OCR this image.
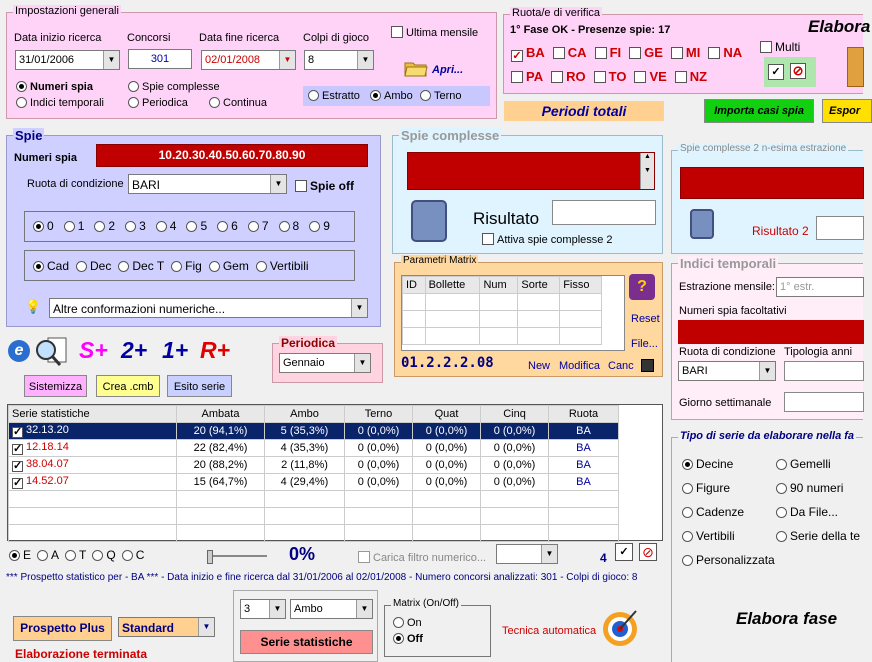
Impostazioni generali
Data inizio ricerca
31/01/2006	▼
Concorsi
301
Data fine ricerca
02/01/2008	▼
Colpi di gioco
8	▼
Ultima mensile
Apri...
Numeri spia	Spie complesse
Indici temporali	Periodica	Continua
Estratto	Ambo	Terno
Ruota/e di verifica
1° Fase OK - Presenze spie: 17
✓ BA CA FI GE MI NA
PA RO TO VE NZ
Multi
✓ ⊘
Elabora
Periodi totali	Importa casi spia	Espor
Spie
Numeri spia	10.20.30.40.50.60.70.80.90
Ruota di condizione BARI	▼	Spie off
0 1 2 3 4 5 6 7 8 9
Cad Dec Dec T Fig Gem Vertibili
💡 Altre conformazioni numeriche...	▼
Spie complesse
▲

▼
Risultato
Attiva spie complesse 2
Spie complesse 2 n-esima estrazione
Risultato 2
Parametri Matrix
ID	Bollette	Num	Sorte	Fisso

					?
Reset
File...
01.2.2.2.08	New Modifica Canc
Indici temporali
Estrazione mensile: 1° estr.
Numeri spia facoltativi
Ruota di condizione
BARI	▼
Tipologia anni
Giorno settimanale
Tipo di serie da elaborare nella fa
Decine	Gemelli
Figure	90 numeri
Cadenze	Da File...
Vertibili	Serie della te
Personalizzata
Elabora fase
e S+ 2+ 1+ R+	Periodica
Gennaio	▼
Sistemizza	Crea .cmb	Esito serie
Serie statistiche	Ambata	Ambo	Terno	Quat	Cinq	Ruota
✓ 32.13.20	20 (94,1%)	5 (35,3%)	0 (0,0%)	0 (0,0%)	0 (0,0%)	BA
✓ 12.18.14	22 (82,4%)	4 (35,3%)	0 (0,0%)	0 (0,0%)	0 (0,0%)	BA
✓ 38.04.07	20 (88,2%)	2 (11,8%)	0 (0,0%)	0 (0,0%)	0 (0,0%)	BA
✓ 14.52.07	15 (64,7%)	4 (29,4%)	0 (0,0%)	0 (0,0%)	0 (0,0%)	BA

E A T Q C	0%	Carica filtro numerico...	▼	4	✓ ⊘
*** Prospetto statistico per - BA *** - Data inizio e fine ricerca dal 31/01/2006 al 02/01/2008 - Numero concorsi analizzati: 301 - Colpi di gioco: 8
Prospetto Plus	Standard	▼
Elaborazione terminata
3	▼	Ambo	▼
Serie statistiche
Matrix (On/Off)
On
Off
Tecnica automatica
